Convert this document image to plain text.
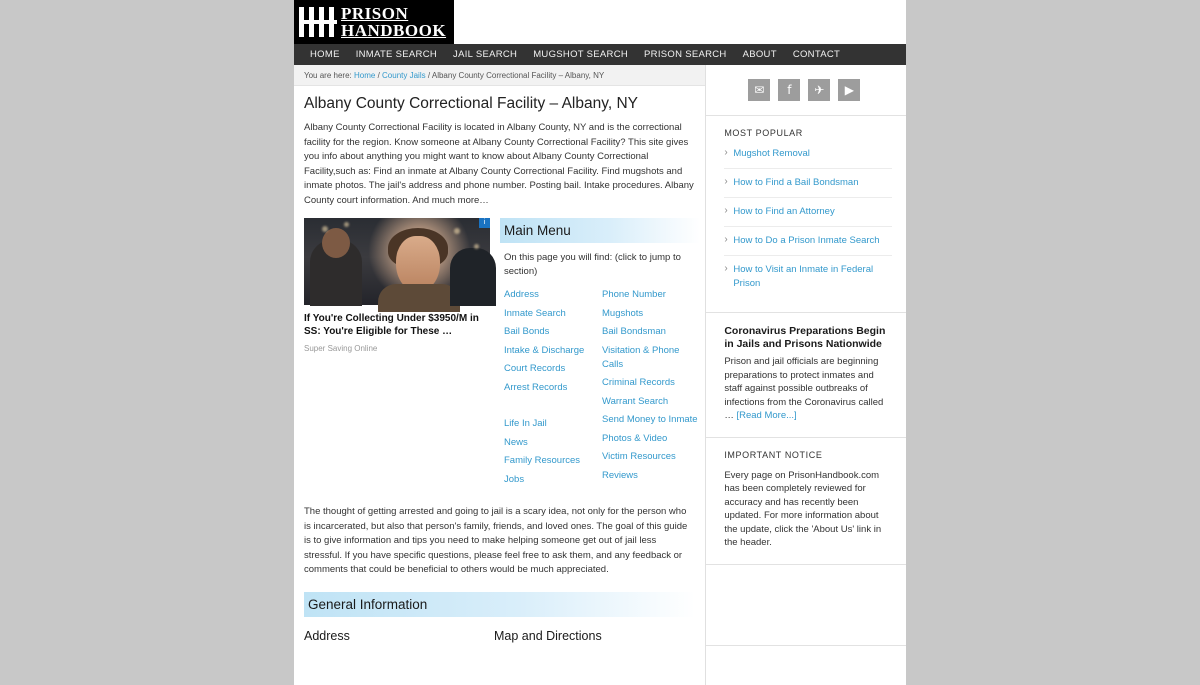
PRISON
HANDBOOK
HOME	INMATE SEARCH	JAIL SEARCH	MUGSHOT SEARCH	PRISON SEARCH	ABOUT	CONTACT
You are here: Home / County Jails / Albany County Correctional Facility – Albany, NY
Albany County Correctional Facility – Albany, NY

Albany County Correctional Facility is located in Albany County, NY and is the correctional facility for the region. Know someone at Albany County Correctional Facility? This site gives you info about anything you might want to know about Albany County Correctional Facility,such as: Find an inmate at Albany County Correctional Facility. Find mugshots and inmate photos. The jail's address and phone number. Posting bail. Intake procedures. Albany County court information. And much more…

i
If You're Collecting Under $3950/M in SS: You're Eligible for These …
Super Saving Online
Main Menu
On this page you will find: (click to jump to section)
Address
Inmate Search
Bail Bonds
Intake & Discharge
Court Records
Arrest Records
Life In Jail
News
Family Resources
Jobs
Phone Number
Mugshots
Bail Bondsman
Visitation & Phone Calls
Criminal Records
Warrant Search
Send Money to Inmate
Photos & Video
Victim Resources
Reviews

The thought of getting arrested and going to jail is a scary idea, not only for the person who is incarcerated, but also that person's family, friends, and loved ones. The goal of this guide is to give information and tips you need to make helping someone get out of jail less stressful. If you have specific questions, please feel free to ask them, and any feedback or comments that could be beneficial to others would be much appreciated.

General Information
Address	Map and Directions
✉	f	✈	▶
MOST POPULAR
› Mugshot Removal
› How to Find a Bail Bondsman
› How to Find an Attorney
› How to Do a Prison Inmate Search
› How to Visit an Inmate in Federal Prison
Coronavirus Preparations Begin in Jails and Prisons Nationwide
Prison and jail officials are beginning preparations to protect inmates and staff against possible outbreaks of infections from the Coronavirus called … [Read More...]
IMPORTANT NOTICE
Every page on PrisonHandbook.com has been completely reviewed for accuracy and has recently been updated. For more information about the update, click the 'About Us' link in the header.
